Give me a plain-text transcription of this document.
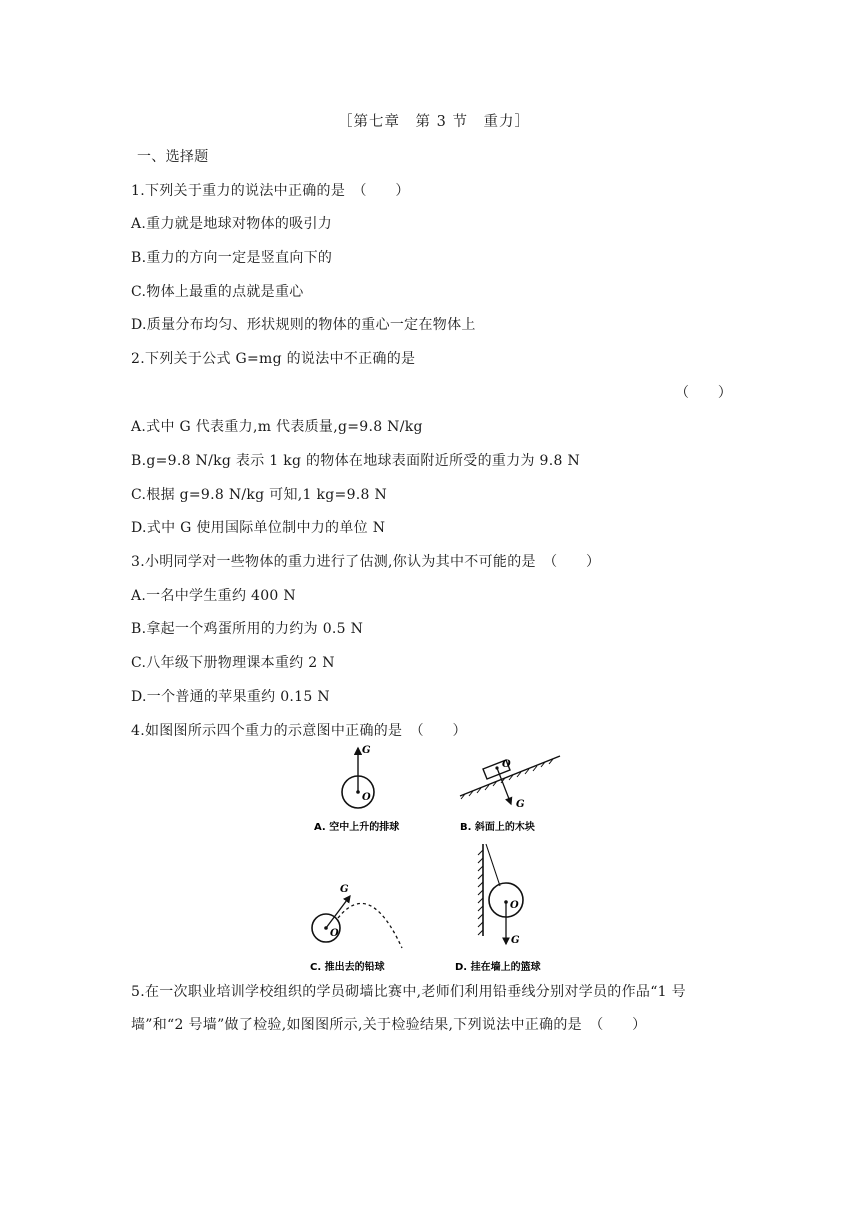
［第七章　第 3 节　重力］
一、选择题
1.下列关于重力的说法中正确的是　（　　）
A.重力就是地球对物体的吸引力
B.重力的方向一定是竖直向下的
C.物体上最重的点就是重心
D.质量分布均匀、形状规则的物体的重心一定在物体上
2.下列关于公式 G=mg 的说法中不正确的是
（　　）
A.式中 G 代表重力,m 代表质量,g=9.8 N/kg
B.g=9.8 N/kg 表示 1 kg 的物体在地球表面附近所受的重力为 9.8 N
C.根据 g=9.8 N/kg 可知,1 kg=9.8 N
D.式中 G 使用国际单位制中力的单位 N
3.小明同学对一些物体的重力进行了估测,你认为其中不可能的是　（　　）
A.一名中学生重约 400 N
B.拿起一个鸡蛋所用的力约为 0.5 N
C.八年级下册物理课本重约 2 N
D.一个普通的苹果重约 0.15 N
4.如图图所示四个重力的示意图中正确的是　（　　）
G
O
A. 空中上升的排球
O
G
B. 斜面上的木块
G
O
C. 推出去的铅球
O
G
D. 挂在墙上的篮球
5.在一次职业培训学校组织的学员砌墙比赛中,老师们利用铅垂线分别对学员的作品“1 号
墙”和“2 号墙”做了检验,如图图所示,关于检验结果,下列说法中正确的是　（　　）
